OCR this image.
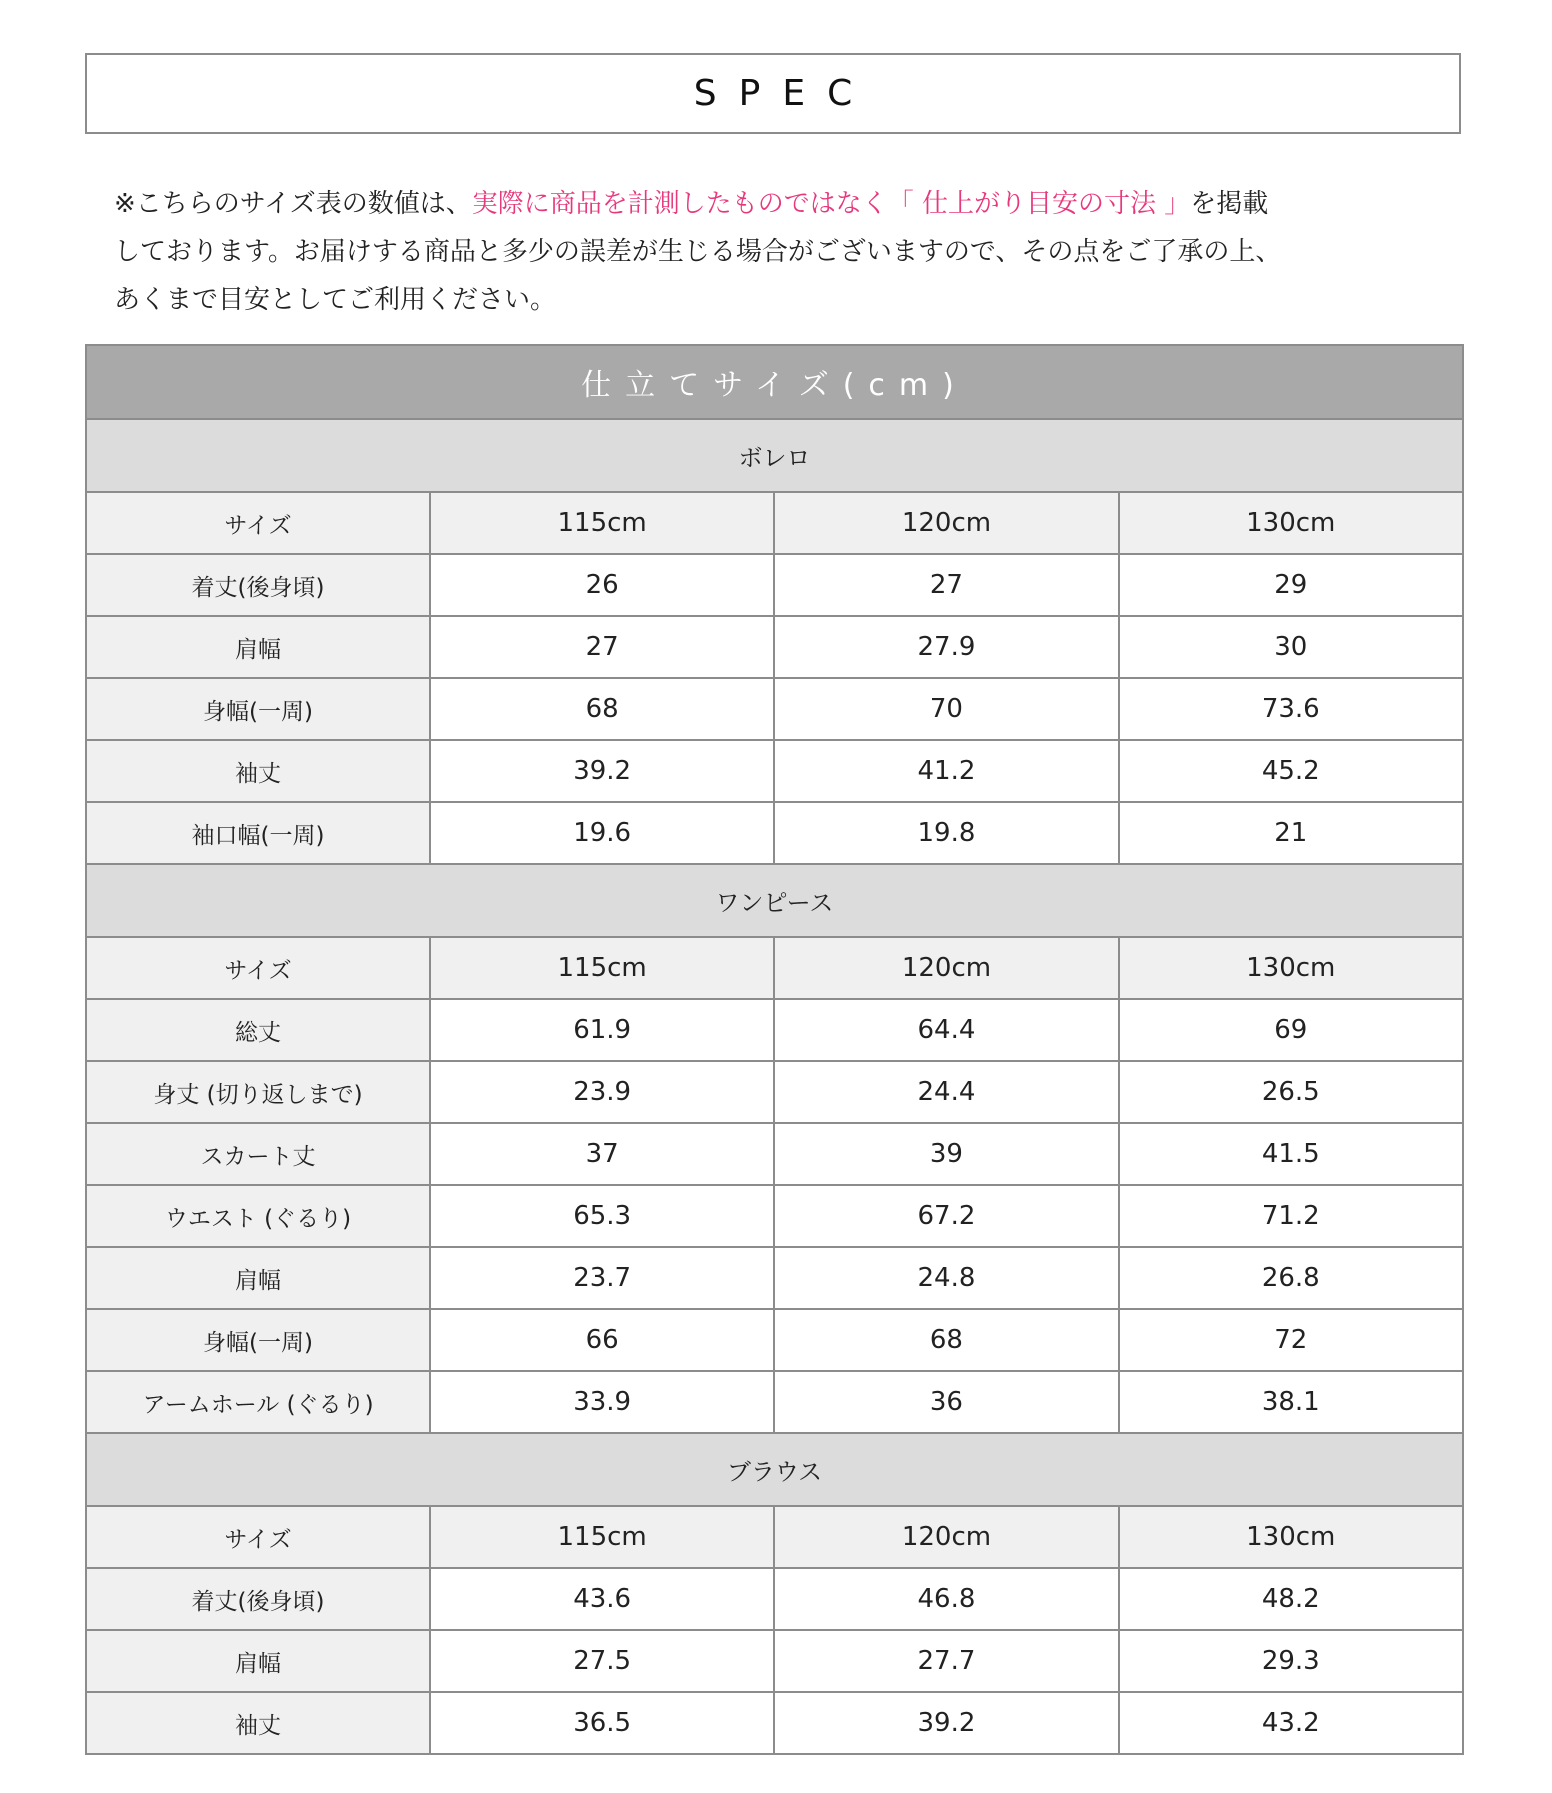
SPEC

※こちらのサイズ表の数値は、実際に商品を計測したものではなく「 仕上がり目安の寸法 」を掲載

しております。お届けする商品と多少の誤差が生じる場合がございますので、その点をご了承の上、

あくまで目安としてご利用ください。

仕立てサイズ(cm)			
ボレロ			
サイズ	115cm	120cm	130cm
着丈(後身頃)	26	27	29
肩幅	27	27.9	30
身幅(一周)	68	70	73.6
袖丈	39.2	41.2	45.2
袖口幅(一周)	19.6	19.8	21
ワンピース			
サイズ	115cm	120cm	130cm
総丈	61.9	64.4	69
身丈 (切り返しまで)	23.9	24.4	26.5
スカート丈	37	39	41.5
ウエスト (ぐるり)	65.3	67.2	71.2
肩幅	23.7	24.8	26.8
身幅(一周)	66	68	72
アームホール (ぐるり)	33.9	36	38.1
ブラウス			
サイズ	115cm	120cm	130cm
着丈(後身頃)	43.6	46.8	48.2
肩幅	27.5	27.7	29.3
袖丈	36.5	39.2	43.2
